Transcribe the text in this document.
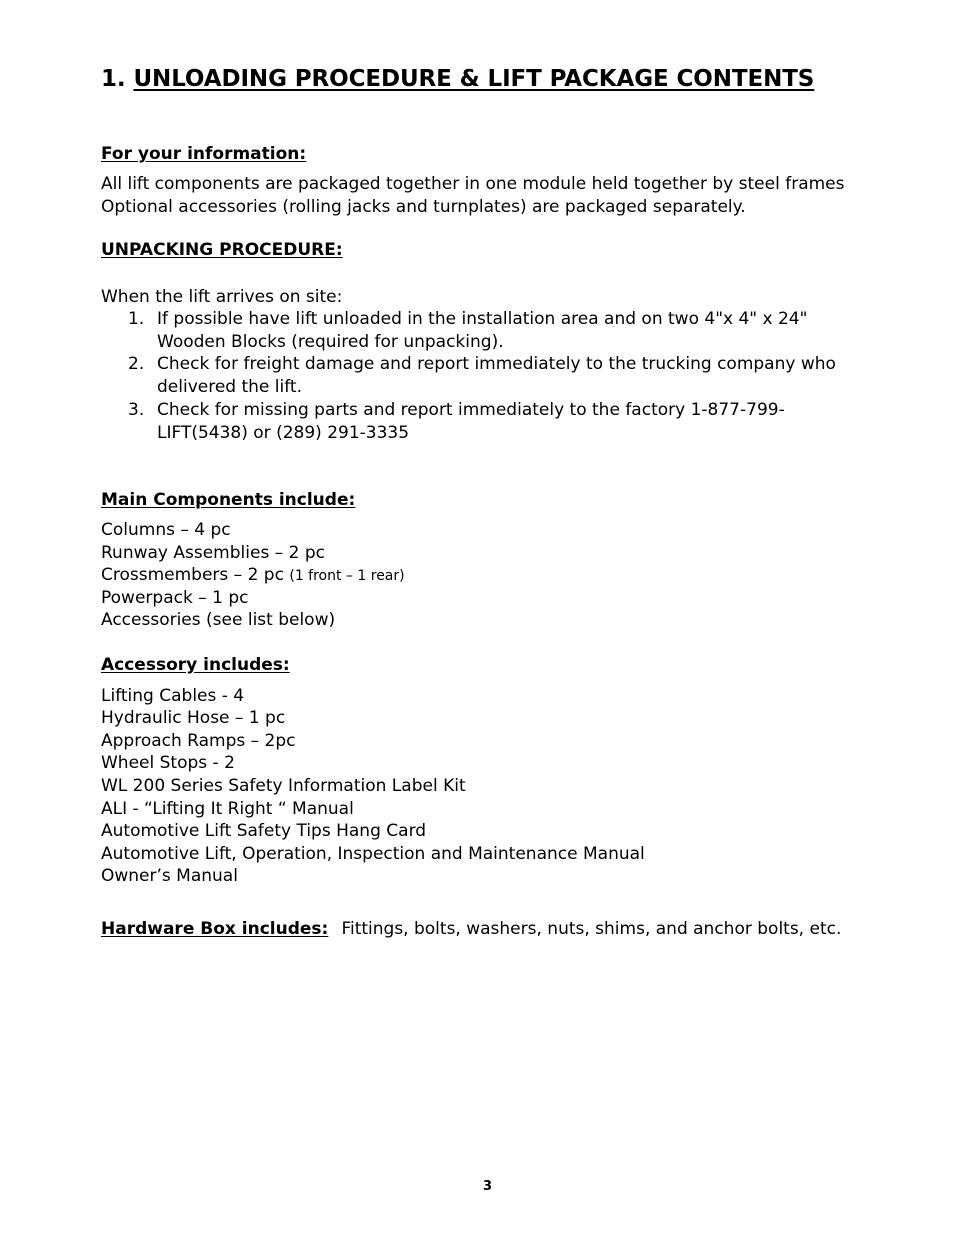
1. UNLOADING PROCEDURE & LIFT PACKAGE CONTENTS
For your information:
All lift components are packaged together in one module held together by steel frames
Optional accessories (rolling jacks and turnplates) are packaged separately.
UNPACKING PROCEDURE:
When the lift arrives on site:
1. If possible have lift unloaded in the installation area and on two 4"x 4" x 24" Wooden Blocks (required for unpacking).
2. Check for freight damage and report immediately to the trucking company who delivered the lift.
3. Check for missing parts and report immediately to the factory 1-877-799-LIFT(5438) or (289) 291-3335
Main Components include:
Columns – 4 pc
Runway Assemblies – 2 pc
Crossmembers – 2 pc (1 front – 1 rear)
Powerpack – 1 pc
Accessories (see list below)
Accessory includes:
Lifting Cables - 4
Hydraulic Hose – 1 pc
Approach Ramps – 2pc
Wheel Stops - 2
WL 200 Series Safety Information Label Kit
ALI - “Lifting It Right “ Manual
Automotive Lift Safety Tips Hang Card
Automotive Lift, Operation, Inspection and Maintenance Manual
Owner’s Manual
Hardware Box includes: Fittings, bolts, washers, nuts, shims, and anchor bolts, etc.
3
